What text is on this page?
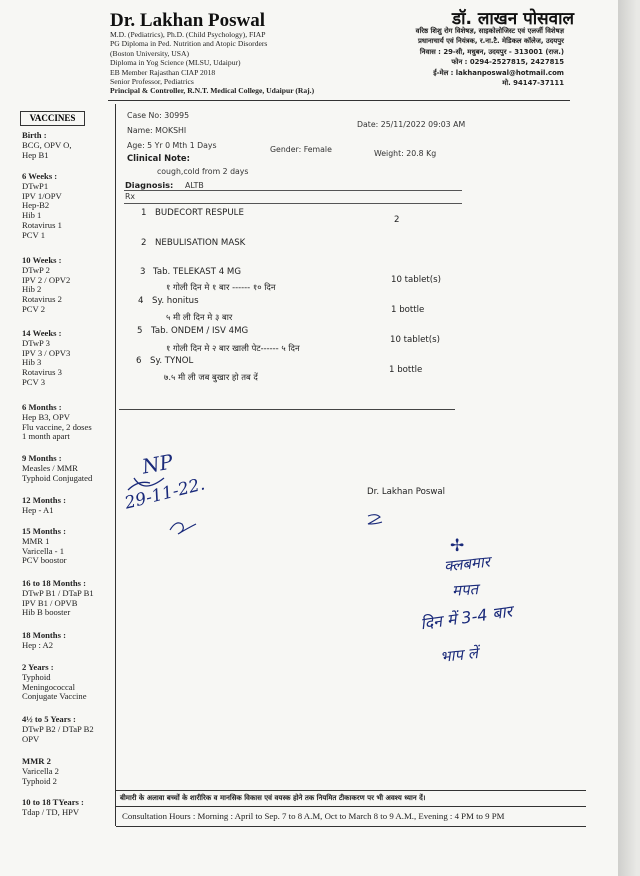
Dr. Lakhan Poswal
M.D. (Pediatrics), Ph.D. (Child Psychology), FIAP
PG Diploma in Ped. Nutrition and Atopic Disorders
(Boston University, USA)
Diploma in Yog Science (MLSU, Udaipur)
EB Member Rajasthan CIAP 2018
Senior Professor, Pediatrics
Principal & Controller, R.N.T. Medical College, Udaipur (Raj.)
डॉ. लाखन पोसवाल
वरिष्ठ शिशु रोग विशेषज्ञ, साइकोलोजिस्ट एवं एलर्जी विशेषज्ञ
प्रधानाचार्य एवं नियंत्रक, र.ना.टै. मेडिकल कॉलेज, उदयपुर
निवास : 29-सी, मधुबन, उदयपुर - 313001 (राज.)
फोन : 0294-2527815, 2427815
ई-मेल : lakhanposwal@hotmail.com
मो. 94147-37111
VACCINES
Birth :
BCG, OPV O,
Hep B1
6 Weeks :
DTwP1
IPV 1/OPV
Hep-B2
Hib 1
Rotavirus 1
PCV 1
10 Weeks :
DTwP 2
IPV 2 / OPV2
Hib 2
Rotavirus 2
PCV 2
14 Weeks :
DTwP 3
IPV 3 / OPV3
Hib 3
Rotavirus 3
PCV 3
6 Months :
Hep B3, OPV
Flu vaccine, 2 doses
1 month apart
9 Months :
Measles / MMR
Typhoid Conjugated
12 Months :
Hep - A1
15 Months :
MMR 1
Varicella - 1
PCV boostor
16 to 18 Months :
DTwP B1 / DTaP B1
IPV B1 / OPVB
Hib B booster
18 Months :
Hep : A2
2 Years :
Typhoid
Meningococcal
Conjugate Vaccine
4½ to 5 Years :
DTwP B2 / DTaP B2
OPV
MMR 2
Varicella 2
Typhoid 2
10 to 18 TYears :
Tdap / TD, HPV
Case No: 30995
Date: 25/11/2022 09:03 AM
Name: MOKSHI
Age: 5 Yr 0 Mth 1 Days	Gender: Female	Weight: 20.8 Kg
Clinical Note:
cough,cold from 2 days
Diagnosis: ALTB
Rx
1 BUDECORT RESPULE
2
2 NEBULISATION MASK
3 Tab. TELEKAST 4 MG
10 tablet(s)
१ गोली दिन मे १ बार ------ १० दिन
4 Sy. honitus
1 bottle
५ मी ली दिन मे ३ बार
5 Tab. ONDEM / ISV 4MG
10 tablet(s)
१ गोली दिन मे २ बार खाली पेट------ ५ दिन
6 Sy. TYNOL
1 bottle
७.५ मी ली जब बुखार हो तब दें
Dr. Lakhan Poswal
NP
29-11-22.
✢
क्लबमार
मपत
दिन में 3-4 बार
भाप लें
बीमारी के अलावा बच्चों के शारीरिक व मानसिक विकास एवं वयस्क होने तक नियमित टीकाकरण पर भी अवश्य ध्यान दें।
Consultation Hours : Morning : April to Sep. 7 to 8 A.M, Oct to March 8 to 9 A.M., Evening : 4 PM to 9 PM
